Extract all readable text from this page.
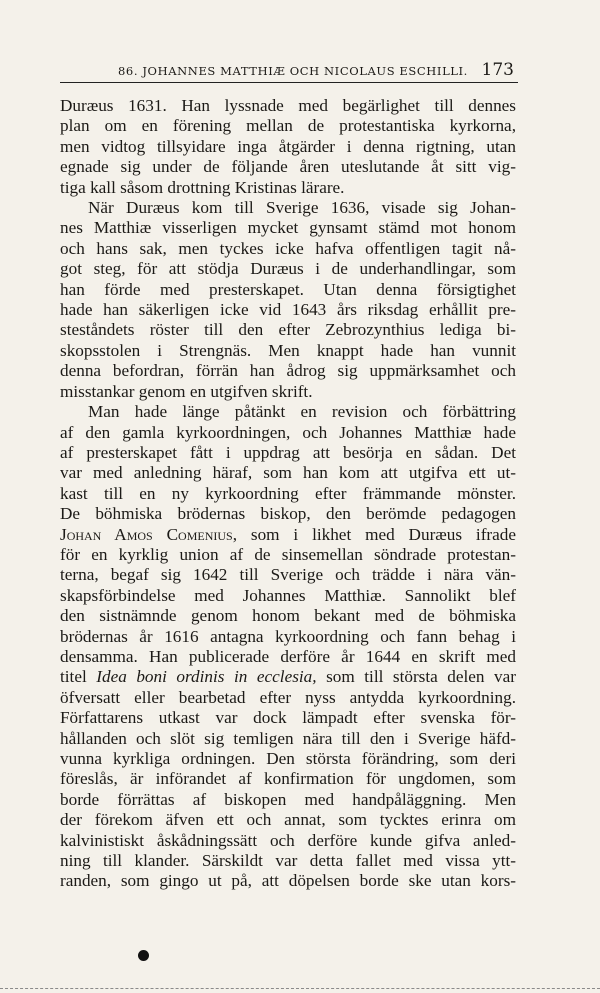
86. JOHANNES MATTHIÆ OCH NICOLAUS ESCHILLI. 173
Duræus 1631. Han lyssnade med begärlighet till dennes
plan om en förening mellan de protestantiska kyrkorna,
men vidtog tillsyidare inga åtgärder i denna rigtning, utan
egnade sig under de följande åren uteslutande åt sitt vig-
tiga kall såsom drottning Kristinas lärare.
När Duræus kom till Sverige 1636, visade sig Johan-
nes Matthiæ visserligen mycket gynsamt stämd mot honom
och hans sak, men tyckes icke hafva offentligen tagit nå-
got steg, för att stödja Duræus i de underhandlingar, som
han förde med presterskapet. Utan denna försigtighet
hade han säkerligen icke vid 1643 års riksdag erhållit pre-
steståndets röster till den efter Zebrozynthius lediga bi-
skopsstolen i Strengnäs. Men knappt hade han vunnit
denna befordran, förrän han ådrog sig uppmärksamhet och
misstankar genom en utgifven skrift.
Man hade länge påtänkt en revision och förbättring
af den gamla kyrkoordningen, och Johannes Matthiæ hade
af presterskapet fått i uppdrag att besörja en sådan. Det
var med anledning häraf, som han kom att utgifva ett ut-
kast till en ny kyrkoordning efter främmande mönster.
De böhmiska brödernas biskop, den berömde pedagogen
Johan Amos Comenius, som i likhet med Duræus ifrade
för en kyrklig union af de sinsemellan söndrade protestan-
terna, begaf sig 1642 till Sverige och trädde i nära vän-
skapsförbindelse med Johannes Matthiæ. Sannolikt blef
den sistnämnde genom honom bekant med de böhmiska
brödernas år 1616 antagna kyrkoordning och fann behag i
densamma. Han publicerade derföre år 1644 en skrift med
titel Idea boni ordinis in ecclesia, som till största delen var
öfversatt eller bearbetad efter nyss antydda kyrkoordning.
Författarens utkast var dock lämpadt efter svenska för-
hållanden och slöt sig temligen nära till den i Sverige häfd-
vunna kyrkliga ordningen. Den största förändring, som deri
föreslås, är införandet af konfirmation för ungdomen, som
borde förrättas af biskopen med handpåläggning. Men
der förekom äfven ett och annat, som tycktes erinra om
kalvinistiskt åskådningssätt och derföre kunde gifva anled-
ning till klander. Särskildt var detta fallet med vissa ytt-
randen, som gingo ut på, att döpelsen borde ske utan kors-
